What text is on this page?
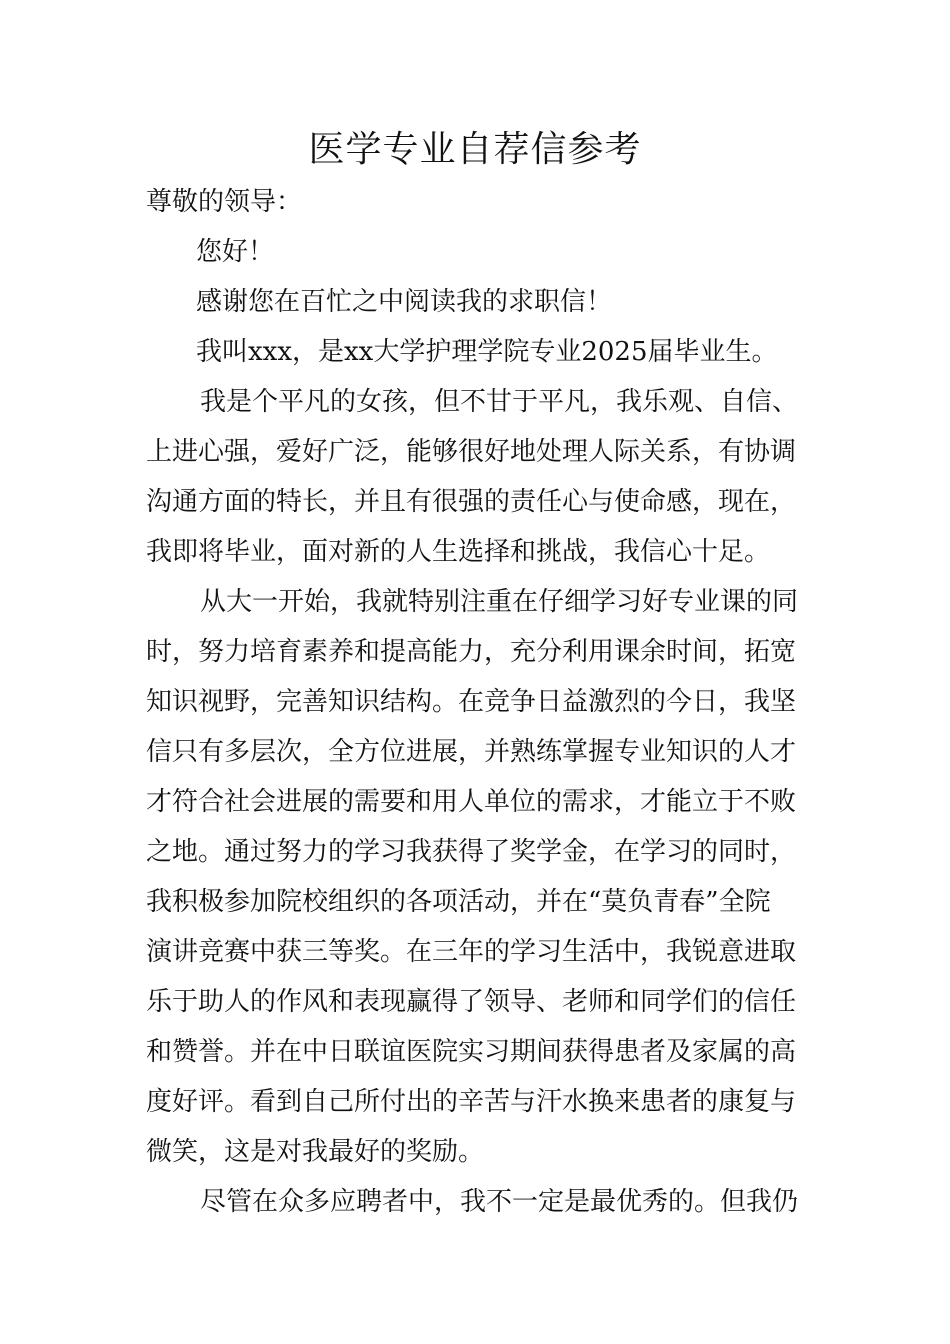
医学专业自荐信参考

尊敬的领导：

您好！

感谢您在百忙之中阅读我的求职信！

我叫xxx，是xx大学护理学院专业2025届毕业生。

我是个平凡的女孩，但不甘于平凡，我乐观、自信、

上进心强，爱好广泛，能够很好地处理人际关系，有协调

沟通方面的特长，并且有很强的责任心与使命感，现在，

我即将毕业，面对新的人生选择和挑战，我信心十足。

从大一开始，我就特别注重在仔细学习好专业课的同

时，努力培育素养和提高能力，充分利用课余时间，拓宽

知识视野，完善知识结构。在竞争日益激烈的今日，我坚

信只有多层次，全方位进展，并熟练掌握专业知识的人才

才符合社会进展的需要和用人单位的需求，才能立于不败

之地。通过努力的学习我获得了奖学金，在学习的同时，

我积极参加院校组织的各项活动，并在“莫负青春”全院

演讲竞赛中获三等奖。在三年的学习生活中，我锐意进取

乐于助人的作风和表现赢得了领导、老师和同学们的信任

和赞誉。并在中日联谊医院实习期间获得患者及家属的高

度好评。看到自己所付出的辛苦与汗水换来患者的康复与

微笑，这是对我最好的奖励。

尽管在众多应聘者中，我不一定是最优秀的。但我仍
